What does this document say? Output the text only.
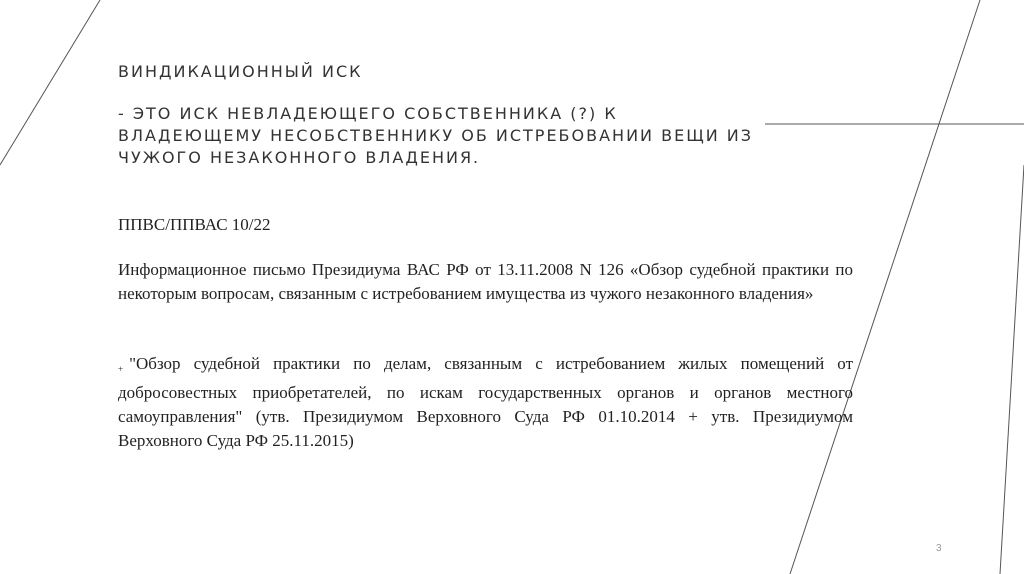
ВИНДИКАЦИОННЫЙ ИСК

- ЭТО ИСК НЕВЛАДЕЮЩЕГО СОБСТВЕННИКА (?) К ВЛАДЕЮЩЕМУ НЕСОБСТВЕННИКУ ОБ ИСТРЕБОВАНИИ ВЕЩИ ИЗ ЧУЖОГО НЕЗАКОННОГО ВЛАДЕНИЯ.

ППВС/ППВАС 10/22

Информационное письмо Президиума ВАС РФ от 13.11.2008 N 126 «Обзор судебной практики по некоторым вопросам, связанным с истребованием имущества из чужого незаконного владения»

+ "Обзор судебной практики по делам, связанным с истребованием жилых помещений от добросовестных приобретателей, по искам государственных органов и органов местного самоуправления" (утв. Президиумом Верховного Суда РФ 01.10.2014 + утв. Президиумом Верховного Суда РФ 25.11.2015)

3
